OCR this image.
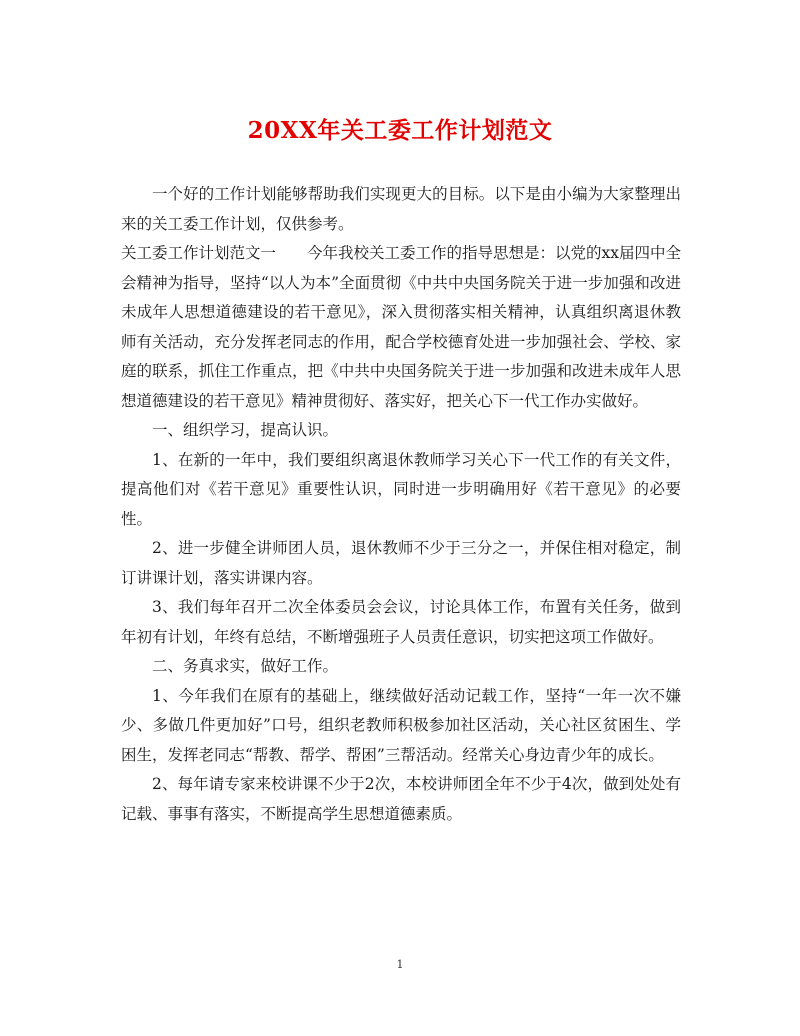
20XX年关工委工作计划范文

一个好的工作计划能够帮助我们实现更大的目标。以下是由小编为大家整理出来的关工委工作计划，仅供参考。

关工委工作计划范文一　　今年我校关工委工作的指导思想是：以党的xx届四中全会精神为指导，坚持“以人为本”全面贯彻《中共中央国务院关于进一步加强和改进未成年人思想道德建设的若干意见》，深入贯彻落实相关精神，认真组织离退休教师有关活动，充分发挥老同志的作用，配合学校德育处进一步加强社会、学校、家庭的联系，抓住工作重点，把《中共中央国务院关于进一步加强和改进未成年人思想道德建设的若干意见》精神贯彻好、落实好，把关心下一代工作办实做好。

一、组织学习，提高认识。

1、在新的一年中，我们要组织离退休教师学习关心下一代工作的有关文件，提高他们对《若干意见》重要性认识，同时进一步明确用好《若干意见》的必要性。

2、进一步健全讲师团人员，退休教师不少于三分之一，并保住相对稳定，制订讲课计划，落实讲课内容。

3、我们每年召开二次全体委员会会议，讨论具体工作，布置有关任务，做到年初有计划，年终有总结，不断增强班子人员责任意识，切实把这项工作做好。

二、务真求实，做好工作。

1、今年我们在原有的基础上，继续做好活动记载工作，坚持“一年一次不嫌少、多做几件更加好”口号，组织老教师积极参加社区活动，关心社区贫困生、学困生，发挥老同志“帮教、帮学、帮困”三帮活动。经常关心身边青少年的成长。

2、每年请专家来校讲课不少于2次，本校讲师团全年不少于4次，做到处处有记载、事事有落实，不断提高学生思想道德素质。

1
